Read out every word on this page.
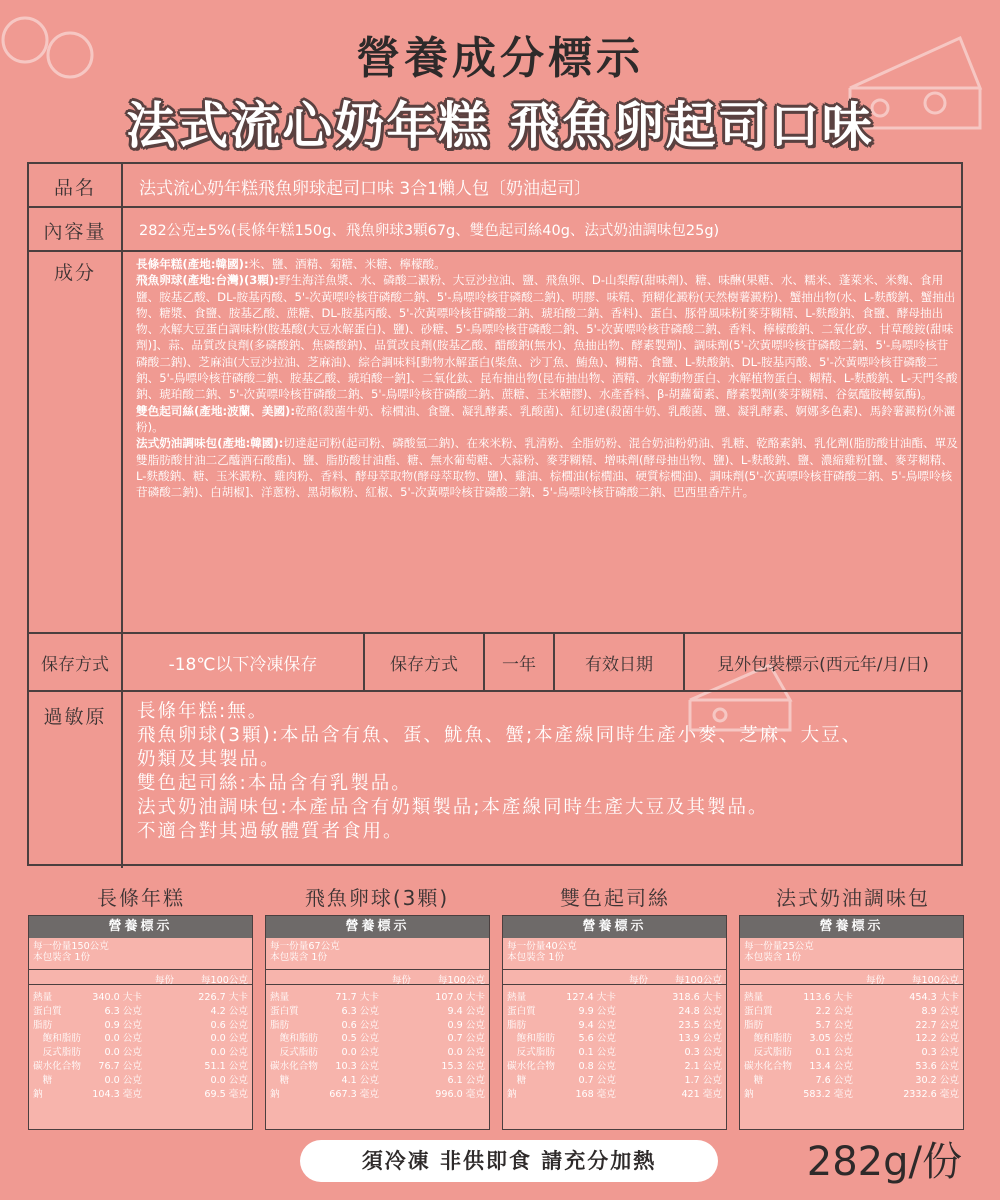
營養成分標示
法式流心奶年糕 飛魚卵起司口味
品名	法式流心奶年糕飛魚卵球起司口味 3合1懶人包〔奶油起司〕
內容量	282公克±5%(長條年糕150g、飛魚卵球3顆67g、雙色起司絲40g、法式奶油調味包25g)
成分	長條年糕(產地:韓國):米、鹽、酒精、菊糖、米糖、檸檬酸。
飛魚卵球(產地:台灣)(3顆):野生海洋魚漿、水、磷酸二澱粉、大豆沙拉油、鹽、飛魚卵、D-山梨醇(甜味劑)、糖、味醂(果糖、水、糯米、蓬萊米、米麴、食用鹽、胺基乙酸、DL-胺基丙酸、5'-次黃嘌呤核苷磷酸二鈉、5'-鳥嘌呤核苷磷酸二鈉)、明膠、味精、預糊化澱粉(天然樹薯澱粉)、蟹抽出物(水、L-麩酸鈉、蟹抽出物、糖漿、食鹽、胺基乙酸、蔗糖、DL-胺基丙酸、5'-次黃嘌呤核苷磷酸二鈉、琥珀酸二鈉、香料)、蛋白、豚骨風味粉[麥芽糊精、L-麩酸鈉、食鹽、酵母抽出物、水解大豆蛋白調味粉(胺基酸(大豆水解蛋白)、鹽)、砂糖、5'-鳥嘌呤核苷磷酸二鈉、5'-次黃嘌呤核苷磷酸二鈉、香料、檸檬酸鈉、二氧化矽、甘草酸銨(甜味劑)]、蒜、品質改良劑(多磷酸鈉、焦磷酸鈉)、品質改良劑(胺基乙酸、醋酸鈉(無水)、魚抽出物、酵素製劑)、調味劑(5'-次黃嘌呤核苷磷酸二鈉、5'-鳥嘌呤核苷磷酸二鈉)、芝麻油(大豆沙拉油、芝麻油)、綜合調味料[動物水解蛋白(柴魚、沙丁魚、鮪魚)、糊精、食鹽、L-麩酸鈉、DL-胺基丙酸、5'-次黃嘌呤核苷磷酸二鈉、5'-鳥嘌呤核苷磷酸二鈉、胺基乙酸、琥珀酸一鈉]、二氧化鈦、昆布抽出物(昆布抽出物、酒精、水解動物蛋白、水解植物蛋白、糊精、L-麩酸鈉、L-天門冬酸鈉、琥珀酸二鈉、5'-次黃嘌呤核苷磷酸二鈉、5'-鳥嘌呤核苷磷酸二鈉、蔗糖、玉米糖膠)、水產香料、β-胡蘿蔔素、酵素製劑(麥芽糊精、谷氨醯胺轉氨酶)。
雙色起司絲(產地:波蘭、美國):乾酪(殺菌牛奶、棕櫚油、食鹽、凝乳酵素、乳酸菌)、紅切達(殺菌牛奶、乳酸菌、鹽、凝乳酵素、婀娜多色素)、馬鈴薯澱粉(外灑粉)。
法式奶油調味包(產地:韓國):切達起司粉(起司粉、磷酸氫二鈉)、在來米粉、乳清粉、全脂奶粉、混合奶油粉奶油、乳糖、乾酪素鈉、乳化劑(脂肪酸甘油酯、單及雙脂肪酸甘油二乙醯酒石酸酯)、鹽、脂肪酸甘油酯、糖、無水葡萄糖、大蒜粉、麥芽糊精、增味劑(酵母抽出物、鹽)、L-麩酸鈉、鹽、濃縮雞粉[鹽、麥芽糊精、L-麩酸鈉、糖、玉米澱粉、雞肉粉、香料、酵母萃取物(酵母萃取物、鹽)、雞油、棕櫚油(棕櫚油、硬質棕櫚油)、調味劑(5'-次黃嘌呤核苷磷酸二鈉、5'-鳥嘌呤核苷磷酸二鈉)、白胡椒]、洋蔥粉、黑胡椒粉、紅椒、5'-次黃嘌呤核苷磷酸二鈉、5'-鳥嘌呤核苷磷酸二鈉、巴西里香芹片。
保存方式	-18℃以下冷凍保存	保存方式	一年	有效日期	見外包裝標示(西元年/月/日)
過敏原	長條年糕:無。
飛魚卵球(3顆):本品含有魚、蛋、魷魚、蟹;本產線同時生產小麥、芝麻、大豆、
奶類及其製品。
雙色起司絲:本品含有乳製品。
法式奶油調味包:本產品含有奶類製品;本產線同時生產大豆及其製品。
不適合對其過敏體質者食用。
長條年糕	飛魚卵球(3顆)	雙色起司絲	法式奶油調味包
營養標示
每一份量150公克
本包裝含 1份
每份	每100公克
熱量	340.0 大卡	226.7 大卡
蛋白質	6.3 公克	4.2 公克
脂肪	0.9 公克	0.6 公克
　飽和脂肪 0.0 公克	0.0 公克
　反式脂肪 0.0 公克	0.0 公克
碳水化合物 76.7 公克	51.1 公克
　糖	0.0 公克	0.0 公克
鈉	104.3 毫克	69.5 毫克
營養標示
每一份量67公克
本包裝含 1份
每份	每100公克
熱量	71.7 大卡	107.0 大卡
蛋白質	6.3 公克	9.4 公克
脂肪	0.6 公克	0.9 公克
　飽和脂肪 0.5 公克	0.7 公克
　反式脂肪 0.0 公克	0.0 公克
碳水化合物 10.3 公克	15.3 公克
　糖	4.1 公克	6.1 公克
鈉	667.3 毫克	996.0 毫克
營養標示
每一份量40公克
本包裝含 1份
每份	每100公克
熱量	127.4 大卡	318.6 大卡
蛋白質	9.9 公克	24.8 公克
脂肪	9.4 公克	23.5 公克
　飽和脂肪 5.6 公克	13.9 公克
　反式脂肪 0.1 公克	0.3 公克
碳水化合物 0.8 公克	2.1 公克
　糖	0.7 公克	1.7 公克
鈉	168 毫克	421 毫克
營養標示
每一份量25公克
本包裝含 1份
每份	每100公克
熱量	113.6 大卡	454.3 大卡
蛋白質	2.2 公克	8.9 公克
脂肪	5.7 公克	22.7 公克
　飽和脂肪 3.05 公克	12.2 公克
　反式脂肪 0.1 公克	0.3 公克
碳水化合物 13.4 公克	53.6 公克
　糖	7.6 公克	30.2 公克
鈉	583.2 毫克	2332.6 毫克
須冷凍 非供即食 請充分加熱	282g/份
